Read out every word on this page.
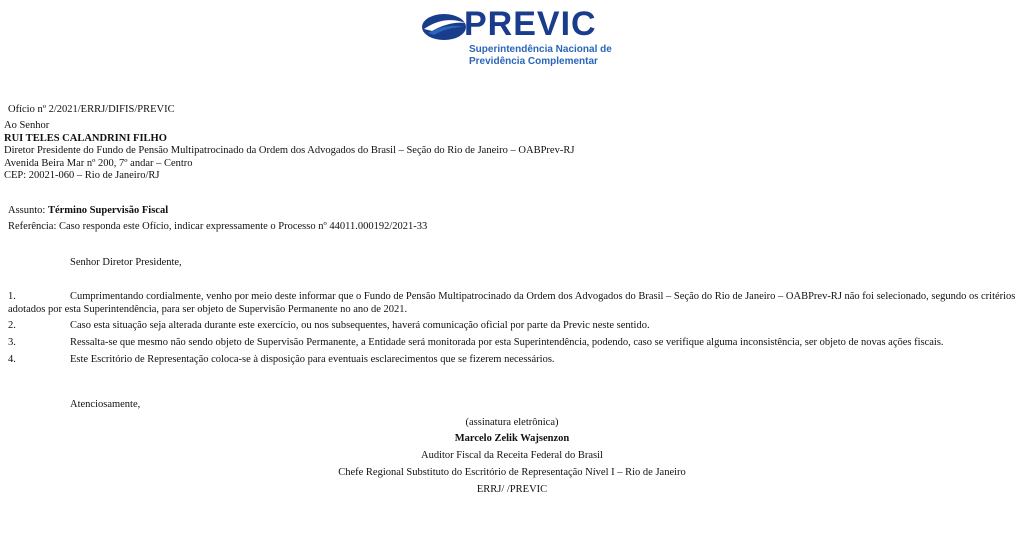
PREVIC
Superintendência Nacional de
Previdência Complementar
Ofício nº 2/2021/ERRJ/DIFIS/PREVIC
Ao Senhor
RUI TELES CALANDRINI FILHO
Diretor Presidente do Fundo de Pensão Multipatrocinado da Ordem dos Advogados do Brasil – Seção do Rio de Janeiro – OABPrev-RJ
Avenida Beira Mar nº 200, 7º andar – Centro
CEP: 20021-060 – Rio de Janeiro/RJ
Assunto: Término Supervisão Fiscal
Referência: Caso responda este Ofício, indicar expressamente o Processo nº 44011.000192/2021-33
Senhor Diretor Presidente,
1.	Cumprimentando cordialmente, venho por meio deste informar que o Fundo de Pensão Multipatrocinado da Ordem dos Advogados do Brasil – Seção do Rio de Janeiro – OABPrev-RJ não foi selecionado, segundo os critérios
adotados por esta Superintendência, para ser objeto de Supervisão Permanente no ano de 2021.
2.	Caso esta situação seja alterada durante este exercício, ou nos subsequentes, haverá comunicação oficial por parte da Previc neste sentido.
3.	Ressalta-se que mesmo não sendo objeto de Supervisão Permanente, a Entidade será monitorada por esta Superintendência, podendo, caso se verifique alguma inconsistência, ser objeto de novas ações fiscais.
4.	Este Escritório de Representação coloca-se à disposição para eventuais esclarecimentos que se fizerem necessários.
Atenciosamente,
(assinatura eletrônica)
Marcelo Zelik Wajsenzon
Auditor Fiscal da Receita Federal do Brasil
Chefe Regional Substituto do Escritório de Representação Nível I – Rio de Janeiro
ERRJ/ /PREVIC
